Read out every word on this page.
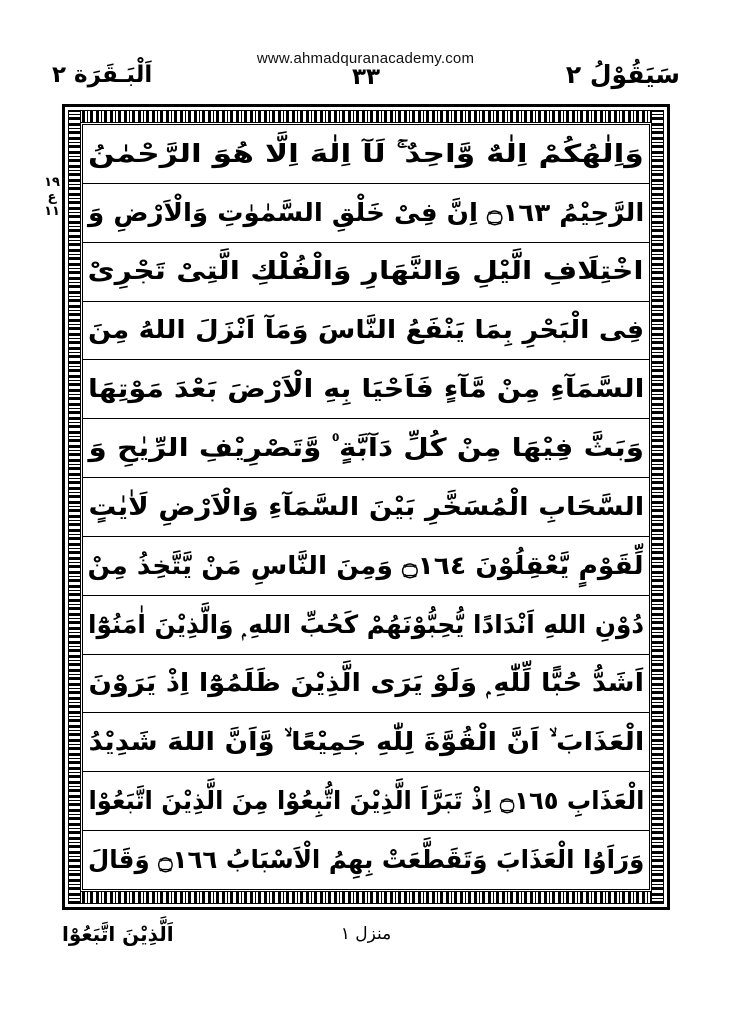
www.ahmadquranacademy.com
اَلْبَـقَرَة ٢	٣٣	سَيَقُوْلُ ٢
١٩
ع
١١
وَاِلٰهُكُمْ اِلٰهٌ وَّاحِدٌ ۚ لَآ اِلٰهَ اِلَّا هُوَ الرَّحْمٰنُ
الرَّحِيْمُ ۝١٦٣ اِنَّ فِىْ خَلْقِ السَّمٰوٰتِ وَالْاَرْضِ وَ
اخْتِلَافِ الَّيْلِ وَالنَّهَارِ وَالْفُلْكِ الَّتِىْ تَجْرِىْ
فِى الْبَحْرِ بِمَا يَنْفَعُ النَّاسَ وَمَآ اَنْزَلَ اللهُ مِنَ
السَّمَآءِ مِنْ مَّآءٍ فَاَحْيَا بِهِ الْاَرْضَ بَعْدَ مَوْتِهَا
وَبَثَّ فِيْهَا مِنْ كُلِّ دَآبَّةٍ ۠ وَّتَصْرِيْفِ الرِّيٰحِ وَ
السَّحَابِ الْمُسَخَّرِ بَيْنَ السَّمَآءِ وَالْاَرْضِ لَاٰيٰتٍ
لِّقَوْمٍ يَّعْقِلُوْنَ ۝١٦٤ وَمِنَ النَّاسِ مَنْ يَّتَّخِذُ مِنْ
دُوْنِ اللهِ اَنْدَادًا يُّحِبُّوْنَهُمْ كَحُبِّ اللهِ ۭ وَالَّذِيْنَ اٰمَنُوْٓا
اَشَدُّ حُبًّا لِّلّٰهِ ۭ وَلَوْ يَرَى الَّذِيْنَ ظَلَمُوْٓا اِذْ يَرَوْنَ
الْعَذَابَ ۙ اَنَّ الْقُوَّةَ لِلّٰهِ جَمِيْعًا ۙ وَّاَنَّ اللهَ شَدِيْدُ
الْعَذَابِ ۝١٦٥ اِذْ تَبَرَّاَ الَّذِيْنَ اتُّبِعُوْا مِنَ الَّذِيْنَ اتَّبَعُوْا
وَرَاَوُا الْعَذَابَ وَتَقَطَّعَتْ بِهِمُ الْاَسْبَابُ ۝١٦٦ وَقَالَ
منزل ١
اَلَّذِيْنَ اتَّبَعُوْا
